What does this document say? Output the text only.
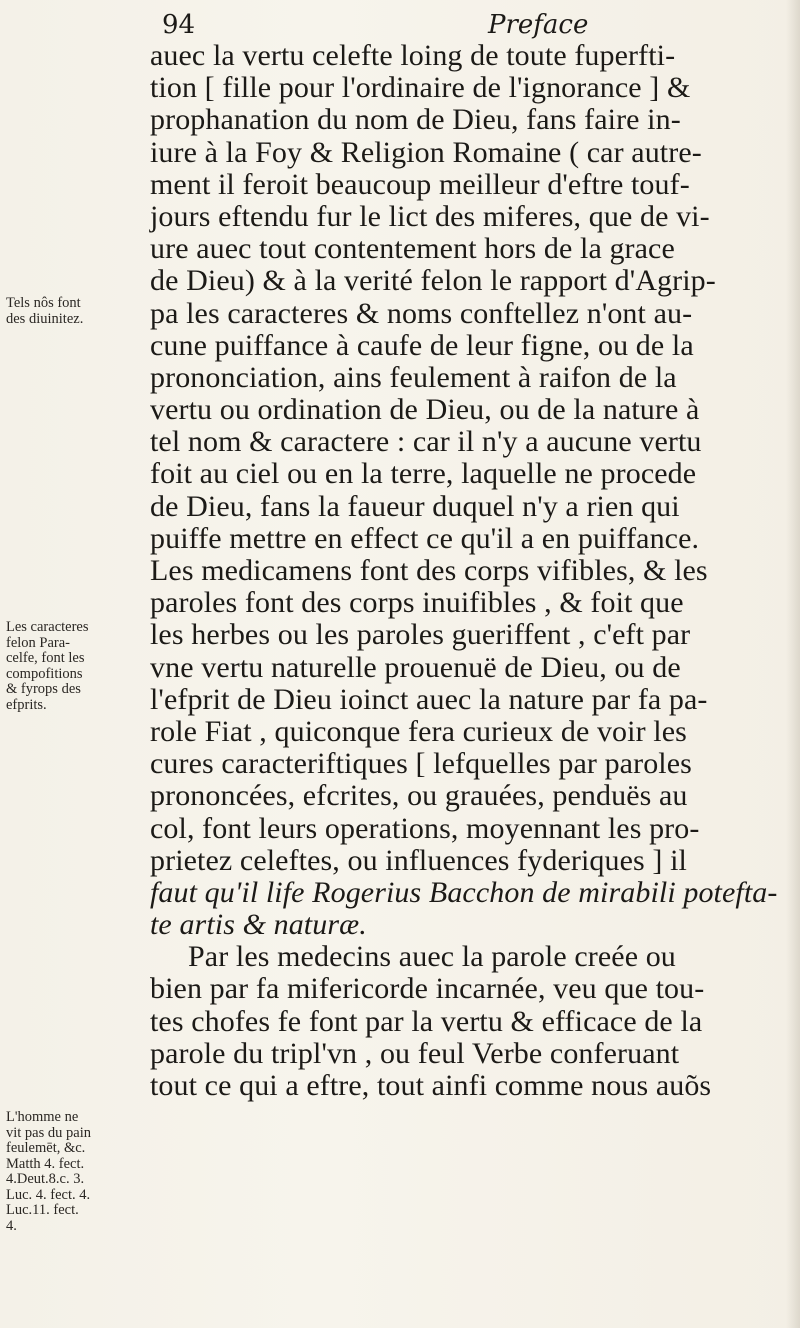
94	Preface
auec la vertu celefte loing de toute fuperfti-
tion [ fille pour l'ordinaire de l'ignorance ] &
prophanation du nom de Dieu, fans faire in-
iure à la Foy & Religion Romaine ( car autre-
ment il feroit beaucoup meilleur d'eftre touf-
jours eftendu fur le lict des miferes, que de vi-
ure auec tout contentement hors de la grace
de Dieu) & à la verité felon le rapport d'Agrip-
pa les caracteres & noms conftellez n'ont au-
cune puiffance à caufe de leur figne, ou de la
prononciation, ains feulement à raifon de la
vertu ou ordination de Dieu, ou de la nature à
tel nom & caractere : car il n'y a aucune vertu
foit au ciel ou en la terre, laquelle ne procede
de Dieu, fans la faueur duquel n'y a rien qui
puiffe mettre en effect ce qu'il a en puiffance.
Les medicamens font des corps vifibles, & les
paroles font des corps inuifibles , & foit que
les herbes ou les paroles gueriffent , c'eft par
vne vertu naturelle prouenuë de Dieu, ou de
l'efprit de Dieu ioinct auec la nature par fa pa-
role Fiat , quiconque fera curieux de voir les
cures caracteriftiques [ lefquelles par paroles
prononcées, efcrites, ou grauées, penduës au
col, font leurs operations, moyennant les pro-
prietez celeftes, ou influences fyderiques ] il
faut qu'il life Rogerius Bacchon de mirabili poteftа-
te artis & naturæ.
Par les medecins auec la parole creée ou
bien par fa mifericorde incarnée, veu que tou-
tes chofes fe font par la vertu & efficace de la
parole du tripl'vn , ou feul Verbe conferuant
tout ce qui a eftre, tout ainfi comme nous auõs
Tels nôs font
des diuinitez.
Les caracteres
felon Para-
celfe, font les
compofitions
& fyrops des
efprits.
L'homme ne
vit pas du pain
feulemēt, &c.
Matth 4. fect.
4.Deut.8.c. 3.
Luc. 4. fect. 4.
Luc.11. fect.
4.
